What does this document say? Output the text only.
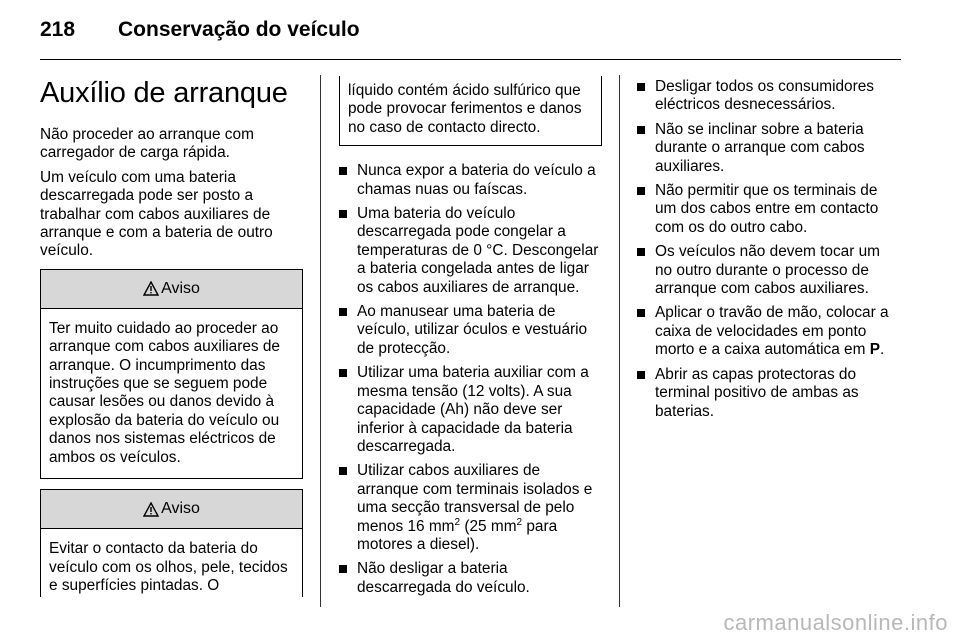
218 Conservação do veículo
Auxílio de arranque

Não proceder ao arranque com carregador de carga rápida.

Um veículo com uma bateria descarregada pode ser posto a trabalhar com cabos auxiliares de arranque e com a bateria de outro veículo.

Aviso
Ter muito cuidado ao proceder ao arranque com cabos auxiliares de arranque. O incumprimento das instruções que se seguem pode causar lesões ou danos devido à explosão da bateria do veículo ou danos nos sistemas eléctricos de ambos os veículos.
Aviso
Evitar o contacto da bateria do veículo com os olhos, pele, tecidos e superfícies pintadas. O
líquido contém ácido sulfúrico que pode provocar ferimentos e danos no caso de contacto directo.
Nunca expor a bateria do veículo a chamas nuas ou faíscas.
Uma bateria do veículo descarregada pode congelar a temperaturas de 0 °C. Descongelar a bateria congelada antes de ligar os cabos auxiliares de arranque.
Ao manusear uma bateria de veículo, utilizar óculos e vestuário de protecção.
Utilizar uma bateria auxiliar com a mesma tensão (12 volts). A sua capacidade (Ah) não deve ser inferior à capacidade da bateria descarregada.
Utilizar cabos auxiliares de arranque com terminais isolados e uma secção transversal de pelo menos 16 $mm^2$ (25 $mm^2$ para motores a diesel).
Não desligar a bateria descarregada do veículo.
Desligar todos os consumidores eléctricos desnecessários.
Não se inclinar sobre a bateria durante o arranque com cabos auxiliares.
Não permitir que os terminais de um dos cabos entre em contacto com os do outro cabo.
Os veículos não devem tocar um no outro durante o processo de arranque com cabos auxiliares.
Aplicar o travão de mão, colocar a caixa de velocidades em ponto morto e a caixa automática em P.
Abrir as capas protectoras do terminal positivo de ambas as baterias.
carmanualsonline.info
